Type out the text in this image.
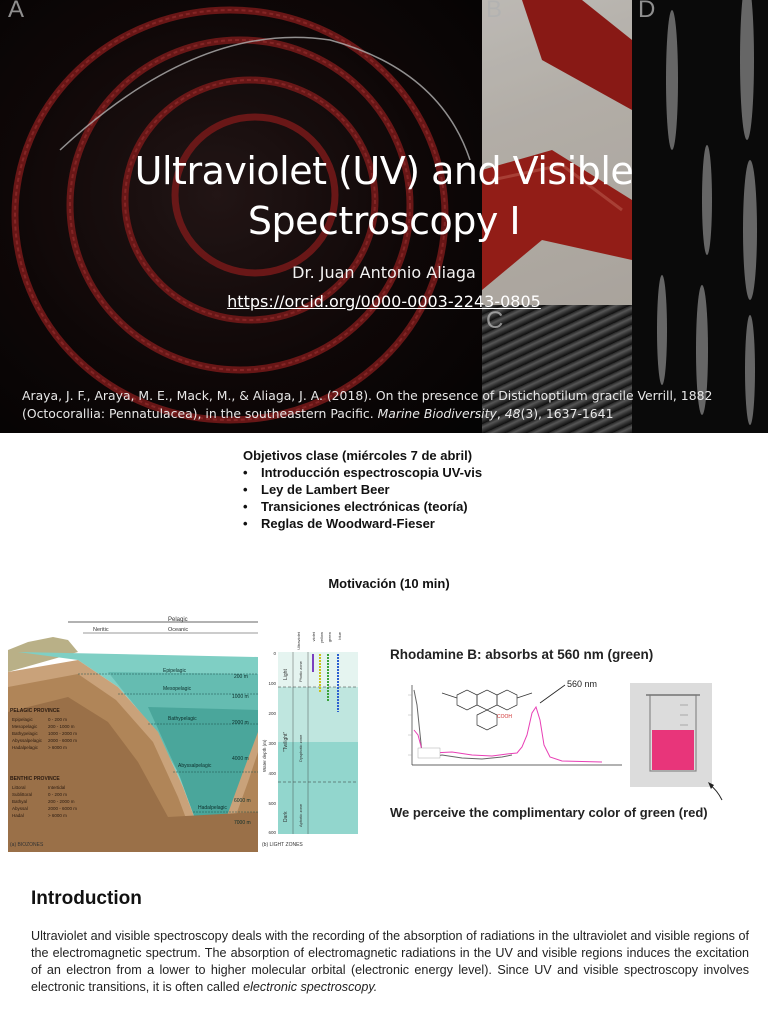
A	B
C
D
Ultraviolet (UV) and Visible
Spectroscopy I
Dr. Juan Antonio Aliaga
https://orcid.org/0000-0003-2243-0805
Araya, J. F., Araya, M. E., Mack, M., & Aliaga, J. A. (2018). On the presence of Distichoptilum gracile Verrill, 1882 (Octocorallia: Pennatulacea), in the southeastern Pacific. Marine Biodiversity, 48(3), 1637-1641
Objetivos clase (miércoles 7 de abril)
• Introducción espectroscopia UV-vis
• Ley de Lambert Beer
• Transiciones electrónicas (teoría)
• Reglas de Woodward-Fieser
Motivación (10 min)
Pelagic
Neritic	Oceanic
Epipelagic
Mesopelagic
Bathypelagic
Abyssalpelagic
Hadalpelagic
200 m
1000 m
2000 m
4000 m
6000 m
7000 m
PELAGIC PROVINCE
Epipelagic	0 - 200 m
Mesopelagic 200 - 1000 m
Bathypelagic 1000 - 2000 m
Abyssalpelagic 2000 - 6000 m
Hadalpelagic > 6000 m
BENTHIC PROVINCE
Littoral	Intertidal
Sublittoral	0 - 200 m
Bathyal	200 - 2000 m
Abyssal	2000 - 6000 m
Hadal	> 6000 m
(a) BIOZONES
Ultraviolet	violet yellow green blue
Light
"Twilight"
Dark
Photic zone
Dysphotic zone
Aphotic zone
0
100
200
300
400
500
600
Water depth (m)
(b) LIGHT ZONES
Rhodamine B: absorbs at 560 nm (green)
COOH
560 nm
We perceive the complimentary color of green (red)
Introduction

Ultraviolet and visible spectroscopy deals with the recording of the absorption of radiations in the ultraviolet and visible regions of the electromagnetic spectrum. The absorption of electromagnetic radiations in the UV and visible regions induces the excitation of an electron from a lower to higher molecular orbital (electronic energy level). Since UV and visible spectroscopy involves electronic transitions, it is often called electronic spectroscopy.
